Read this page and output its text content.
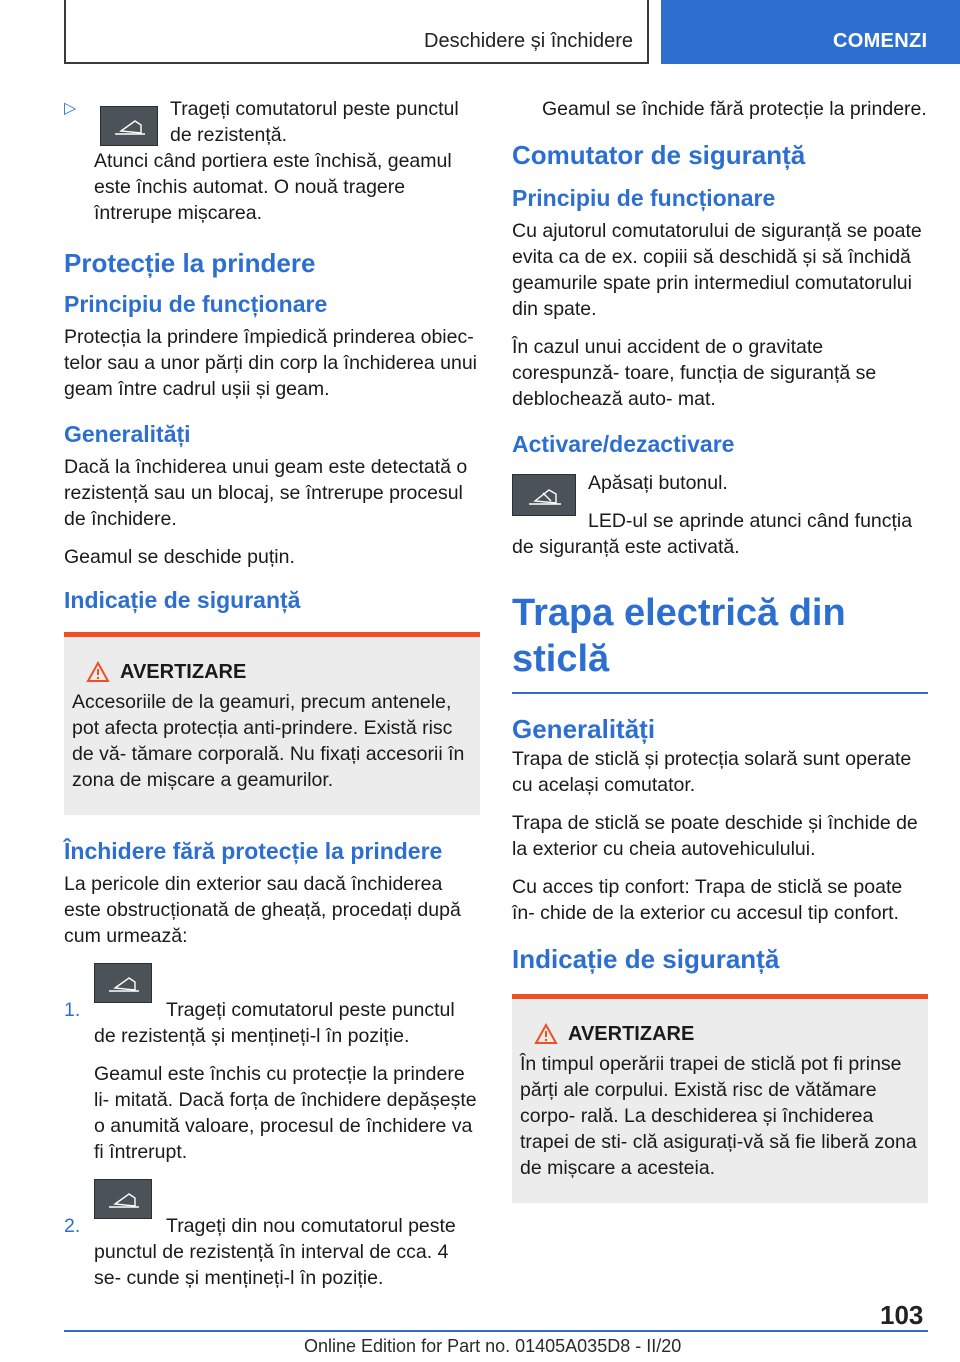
Deschidere și închidere	COMENZI
▷	Trageți comutatorul peste punctul de rezistență.

Atunci când portiera este închisă, geamul este închis automat. O nouă tragere întrerupe mișcarea.

Protecție la prindere
Principiu de funcționare

Protecția la prindere împiedică prinderea obiec- telor sau a unor părți din corp la închiderea unui geam între cadrul ușii și geam.

Generalități

Dacă la închiderea unui geam este detectată o rezistență sau un blocaj, se întrerupe procesul de închidere.

Geamul se deschide puțin.

Indicație de siguranță
AVERTIZARE

Accesoriile de la geamuri, precum antenele, pot afecta protecția anti-prindere. Există risc de vă- tămare corporală. Nu fixați accesorii în zona de mișcare a geamurilor.

Închidere fără protecție la prindere

La pericole din exterior sau dacă închiderea este obstrucționată de gheață, procedați după cum urmează:

1.	Trageți comutatorul peste punctul de rezistență și mențineți-l în poziție.

Geamul este închis cu protecție la prindere li- mitată. Dacă forța de închidere depășește o anumită valoare, procesul de închidere va fi întrerupt.

2.	Trageți din nou comutatorul peste punctul de rezistență în interval de cca. 4 se- cunde și mențineți-l în poziție.

Geamul se închide fără protecție la prindere.

Comutator de siguranță
Principiu de funcționare

Cu ajutorul comutatorului de siguranță se poate evita ca de ex. copiii să deschidă și să închidă geamurile spate prin intermediul comutatorului din spate.

În cazul unui accident de o gravitate corespunză- toare, funcția de siguranță se deblochează auto- mat.

Activare/dezactivare

Apăsați butonul.

LED-ul se aprinde atunci când funcția de siguranță este activată.

Trapa electrică din sticlă
Generalități

Trapa de sticlă și protecția solară sunt operate cu același comutator.

Trapa de sticlă se poate deschide și închide de la exterior cu cheia autovehiculului.

Cu acces tip confort: Trapa de sticlă se poate în- chide de la exterior cu accesul tip confort.

Indicație de siguranță
AVERTIZARE

În timpul operării trapei de sticlă pot fi prinse părți ale corpului. Există risc de vătămare corpo- rală. La deschiderea și închiderea trapei de sti- clă asigurați-vă să fie liberă zona de mișcare a acesteia.

103
Online Edition for Part no. 01405A035D8 - II/20
